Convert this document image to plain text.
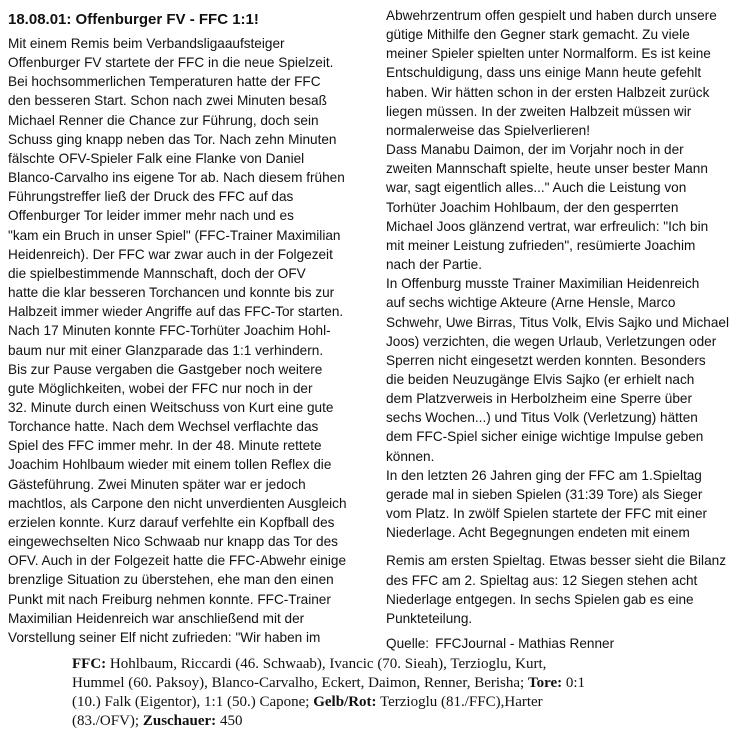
18.08.01: Offenburger FV - FFC 1:1!

Mit einem Remis beim Verbandsligaaufsteiger
Offenburger FV startete der FFC in die neue Spielzeit.
Bei hochsommerlichen Temperaturen hatte der FFC
den besseren Start. Schon nach zwei Minuten besaß
Michael Renner die Chance zur Führung, doch sein
Schuss ging knapp neben das Tor. Nach zehn Minuten
fälschte OFV-Spieler Falk eine Flanke von Daniel
Blanco-Carvalho ins eigene Tor ab. Nach diesem frühen
Führungstreffer ließ der Druck des FFC auf das
Offenburger Tor leider immer mehr nach und es
"kam ein Bruch in unser Spiel" (FFC-Trainer Maximilian
Heidenreich). Der FFC war zwar auch in der Folgezeit
die spielbestimmende Mannschaft, doch der OFV
hatte die klar besseren Torchancen und konnte bis zur
Halbzeit immer wieder Angriffe auf das FFC-Tor starten.
Nach 17 Minuten konnte FFC-Torhüter Joachim Hohl-
baum nur mit einer Glanzparade das 1:1 verhindern.
Bis zur Pause vergaben die Gastgeber noch weitere
gute Möglichkeiten, wobei der FFC nur noch in der
32. Minute durch einen Weitschuss von Kurt eine gute
Torchance hatte. Nach dem Wechsel verflachte das
Spiel des FFC immer mehr. In der 48. Minute rettete
Joachim Hohlbaum wieder mit einem tollen Reflex die
Gästeführung. Zwei Minuten später war er jedoch
machtlos, als Carpone den nicht unverdienten Ausgleich
erzielen konnte. Kurz darauf verfehlte ein Kopfball des
eingewechselten Nico Schwaab nur knapp das Tor des
OFV. Auch in der Folgezeit hatte die FFC-Abwehr einige
brenzlige Situation zu überstehen, ehe man den einen
Punkt mit nach Freiburg nehmen konnte. FFC-Trainer
Maximilian Heidenreich war anschließend mit der
Vorstellung seiner Elf nicht zufrieden: "Wir haben im

Abwehrzentrum offen gespielt und haben durch unsere
gütige Mithilfe den Gegner stark gemacht. Zu viele
meiner Spieler spielten unter Normalform. Es ist keine
Entschuldigung, dass uns einige Mann heute gefehlt
haben. Wir hätten schon in der ersten Halbzeit zurück
liegen müssen. In der zweiten Halbzeit müssen wir
normalerweise das Spielverlieren!

Dass Manabu Daimon, der im Vorjahr noch in der
zweiten Mannschaft spielte, heute unser bester Mann
war, sagt eigentlich alles..." Auch die Leistung von
Torhüter Joachim Hohlbaum, der den gesperrten
Michael Joos glänzend vertrat, war erfreulich: "Ich bin
mit meiner Leistung zufrieden", resümierte Joachim
nach der Partie.

In Offenburg musste Trainer Maximilian Heidenreich
auf sechs wichtige Akteure (Arne Hensle, Marco
Schwehr, Uwe Birras, Titus Volk, Elvis Sajko und Michael
Joos) verzichten, die wegen Urlaub, Verletzungen oder
Sperren nicht eingesetzt werden konnten. Besonders
die beiden Neuzugänge Elvis Sajko (er erhielt nach
dem Platzverweis in Herbolzheim eine Sperre über
sechs Wochen...) und Titus Volk (Verletzung) hätten
dem FFC-Spiel sicher einige wichtige Impulse geben
können.

In den letzten 26 Jahren ging der FFC am 1.Spieltag
gerade mal in sieben Spielen (31:39 Tore) als Sieger
vom Platz. In zwölf Spielen startete der FFC mit einer
Niederlage. Acht Begegnungen endeten mit einem

Remis am ersten Spieltag. Etwas besser sieht die Bilanz
des FFC am 2. Spieltag aus: 12 Siegen stehen acht
Niederlage entgegen. In sechs Spielen gab es eine
Punkteteilung.

Quelle: FFCJournal - Mathias Renner
FFC: Hohlbaum, Riccardi (46. Schwaab), Ivancic (70. Sieah), Terzioglu, Kurt,
Hummel (60. Paksoy), Blanco-Carvalho, Eckert, Daimon, Renner, Berisha; Tore: 0:1
(10.) Falk (Eigentor), 1:1 (50.) Capone; Gelb/Rot: Terzioglu (81./FFC),Harter
(83./OFV); Zuschauer: 450
